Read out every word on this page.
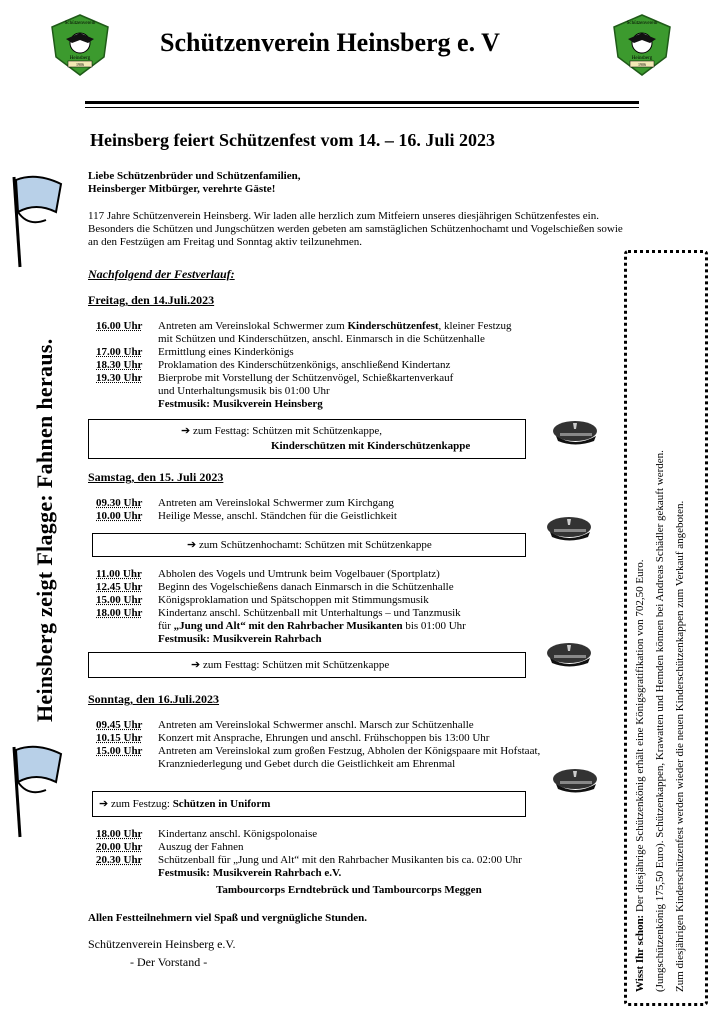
Schützenverein
Heinsberg
1906
Schützenverein
Heinsberg
1906
Schützenverein Heinsberg e. V
Heinsberg feiert Schützenfest vom 14. – 16. Juli 2023
Liebe Schützenbrüder und Schützenfamilien,
Heinsberger Mitbürger, verehrte Gäste!
117 Jahre Schützenverein Heinsberg. Wir laden alle herzlich zum Mitfeiern unseres diesjährigen Schützenfestes ein. Besonders die Schützen und Jungschützen werden gebeten am samstäglichen Schützenhochamt und Vogelschießen sowie an den Festzügen am Freitag und Sonntag aktiv teilzunehmen.
Nachfolgend der Festverlauf:
Freitag, den 14.Juli.2023
16.00 Uhr	Antreten am Vereinslokal Schwermer zum Kinderschützenfest, kleiner Festzug
mit Schützen und Kinderschützen, anschl. Einmarsch in die Schützenhalle
17.00 Uhr	Ermittlung eines Kinderkönigs
18.30 Uhr	Proklamation des Kinderschützenkönigs, anschließend Kindertanz
19.30 Uhr	Bierprobe mit Vorstellung der Schützenvögel, Schießkartenverkauf
und Unterhaltungsmusik bis 01:00 Uhr
Festmusik: Musikverein Heinsberg
➔ zum Festtag: Schützen mit Schützenkappe,
Kinderschützen mit Kinderschützenkappe
Samstag, den 15. Juli 2023
09.30 Uhr	Antreten am Vereinslokal Schwermer zum Kirchgang
10.00 Uhr	Heilige Messe, anschl. Ständchen für die Geistlichkeit
➔ zum Schützenhochamt: Schützen mit Schützenkappe
11.00 Uhr	Abholen des Vogels und Umtrunk beim Vogelbauer (Sportplatz)
12.45 Uhr	Beginn des Vogelschießens danach Einmarsch in die Schützenhalle
15.00 Uhr	Königsproklamation und Spätschoppen mit Stimmungsmusik
18.00 Uhr	Kindertanz anschl. Schützenball mit Unterhaltungs – und Tanzmusik
für „Jung und Alt“ mit den Rahrbacher Musikanten bis 01:00 Uhr
Festmusik: Musikverein Rahrbach
➔ zum Festtag: Schützen mit Schützenkappe
Sonntag, den 16.Juli.2023
09.45 Uhr	Antreten am Vereinslokal Schwermer anschl. Marsch zur Schützenhalle
10.15 Uhr	Konzert mit Ansprache, Ehrungen und anschl. Frühschoppen bis 13:00 Uhr
15.00 Uhr	Antreten am Vereinslokal zum großen Festzug, Abholen der Königspaare mit Hofstaat,
Kranzniederlegung und Gebet durch die Geistlichkeit am Ehrenmal
➔ zum Festzug: Schützen in Uniform
18.00 Uhr	Kindertanz anschl. Königspolonaise
20.00 Uhr	Auszug der Fahnen
20.30 Uhr	Schützenball für „Jung und Alt“ mit den Rahrbacher Musikanten bis ca. 02:00 Uhr
Festmusik: Musikverein Rahrbach e.V.
Tambourcorps Erndtebrück und Tambourcorps Meggen
Allen Festteilnehmern viel Spaß und vergnügliche Stunden.
Schützenverein Heinsberg e.V.
- Der Vorstand -
Heinsberg zeigt Flagge: Fahnen heraus.
Wisst Ihr schon: Der diesjährige Schützenkönig erhält eine Königsgratifikation von 702,50 Euro. (Jungschützenkönig 175,50 Euro). Schützenkappen, Krawatten und Hemden können bei Andreas Schädler gekauft werden. Zum diesjährigen Kinderschützenfest werden wieder die neuen Kinderschützenkappen zum Verkauf angeboten.
